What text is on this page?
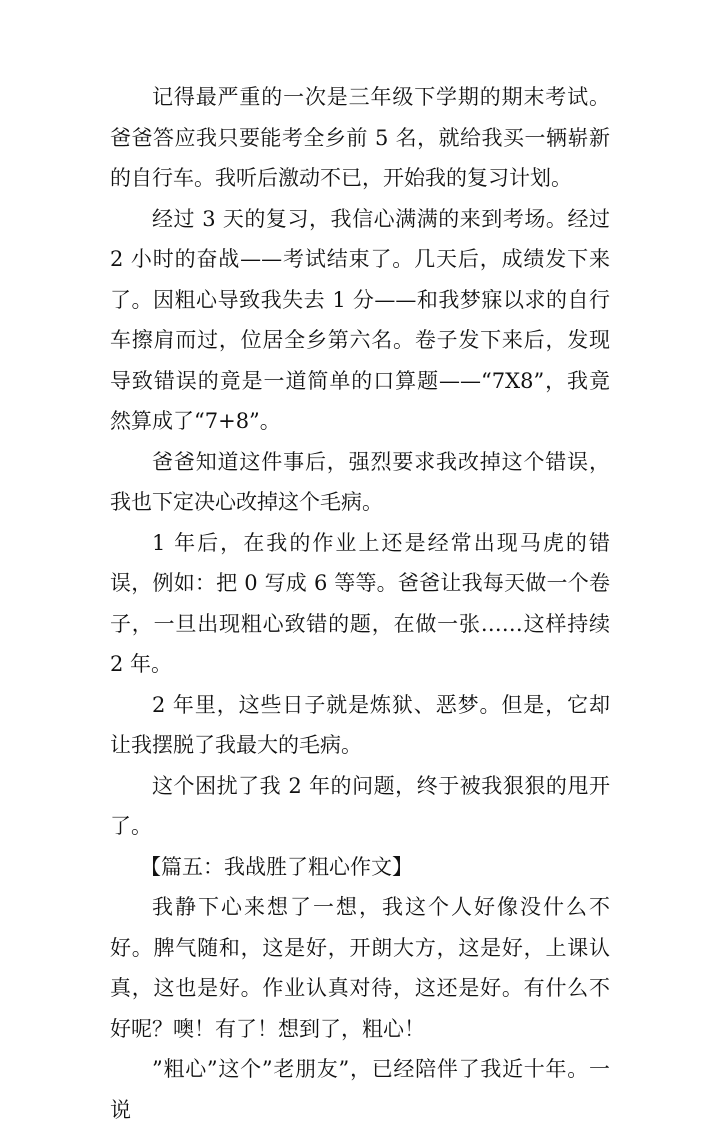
记得最严重的一次是三年级下学期的期末考试。爸爸答应我只要能考全乡前 5 名，就给我买一辆崭新的自行车。我听后激动不已，开始我的复习计划。

经过 3 天的复习，我信心满满的来到考场。经过 2 小时的奋战——考试结束了。几天后，成绩发下来了。因粗心导致我失去 1 分——和我梦寐以求的自行车擦肩而过，位居全乡第六名。卷子发下来后，发现导致错误的竟是一道简单的口算题——“7X8”，我竟然算成了“7+8”。

爸爸知道这件事后，强烈要求我改掉这个错误，我也下定决心改掉这个毛病。

1 年后，在我的作业上还是经常出现马虎的错误，例如：把 0 写成 6 等等。爸爸让我每天做一个卷子，一旦出现粗心致错的题，在做一张……这样持续 2 年。

2 年里，这些日子就是炼狱、恶梦。但是，它却让我摆脱了我最大的毛病。

这个困扰了我 2 年的问题，终于被我狠狠的甩开了。

【篇五：我战胜了粗心作文】

我静下心来想了一想，我这个人好像没什么不好。脾气随和，这是好，开朗大方，这是好，上课认真，这也是好。作业认真对待，这还是好。有什么不好呢？噢！有了！想到了，粗心！

”粗心”这个”老朋友”，已经陪伴了我近十年。一说
